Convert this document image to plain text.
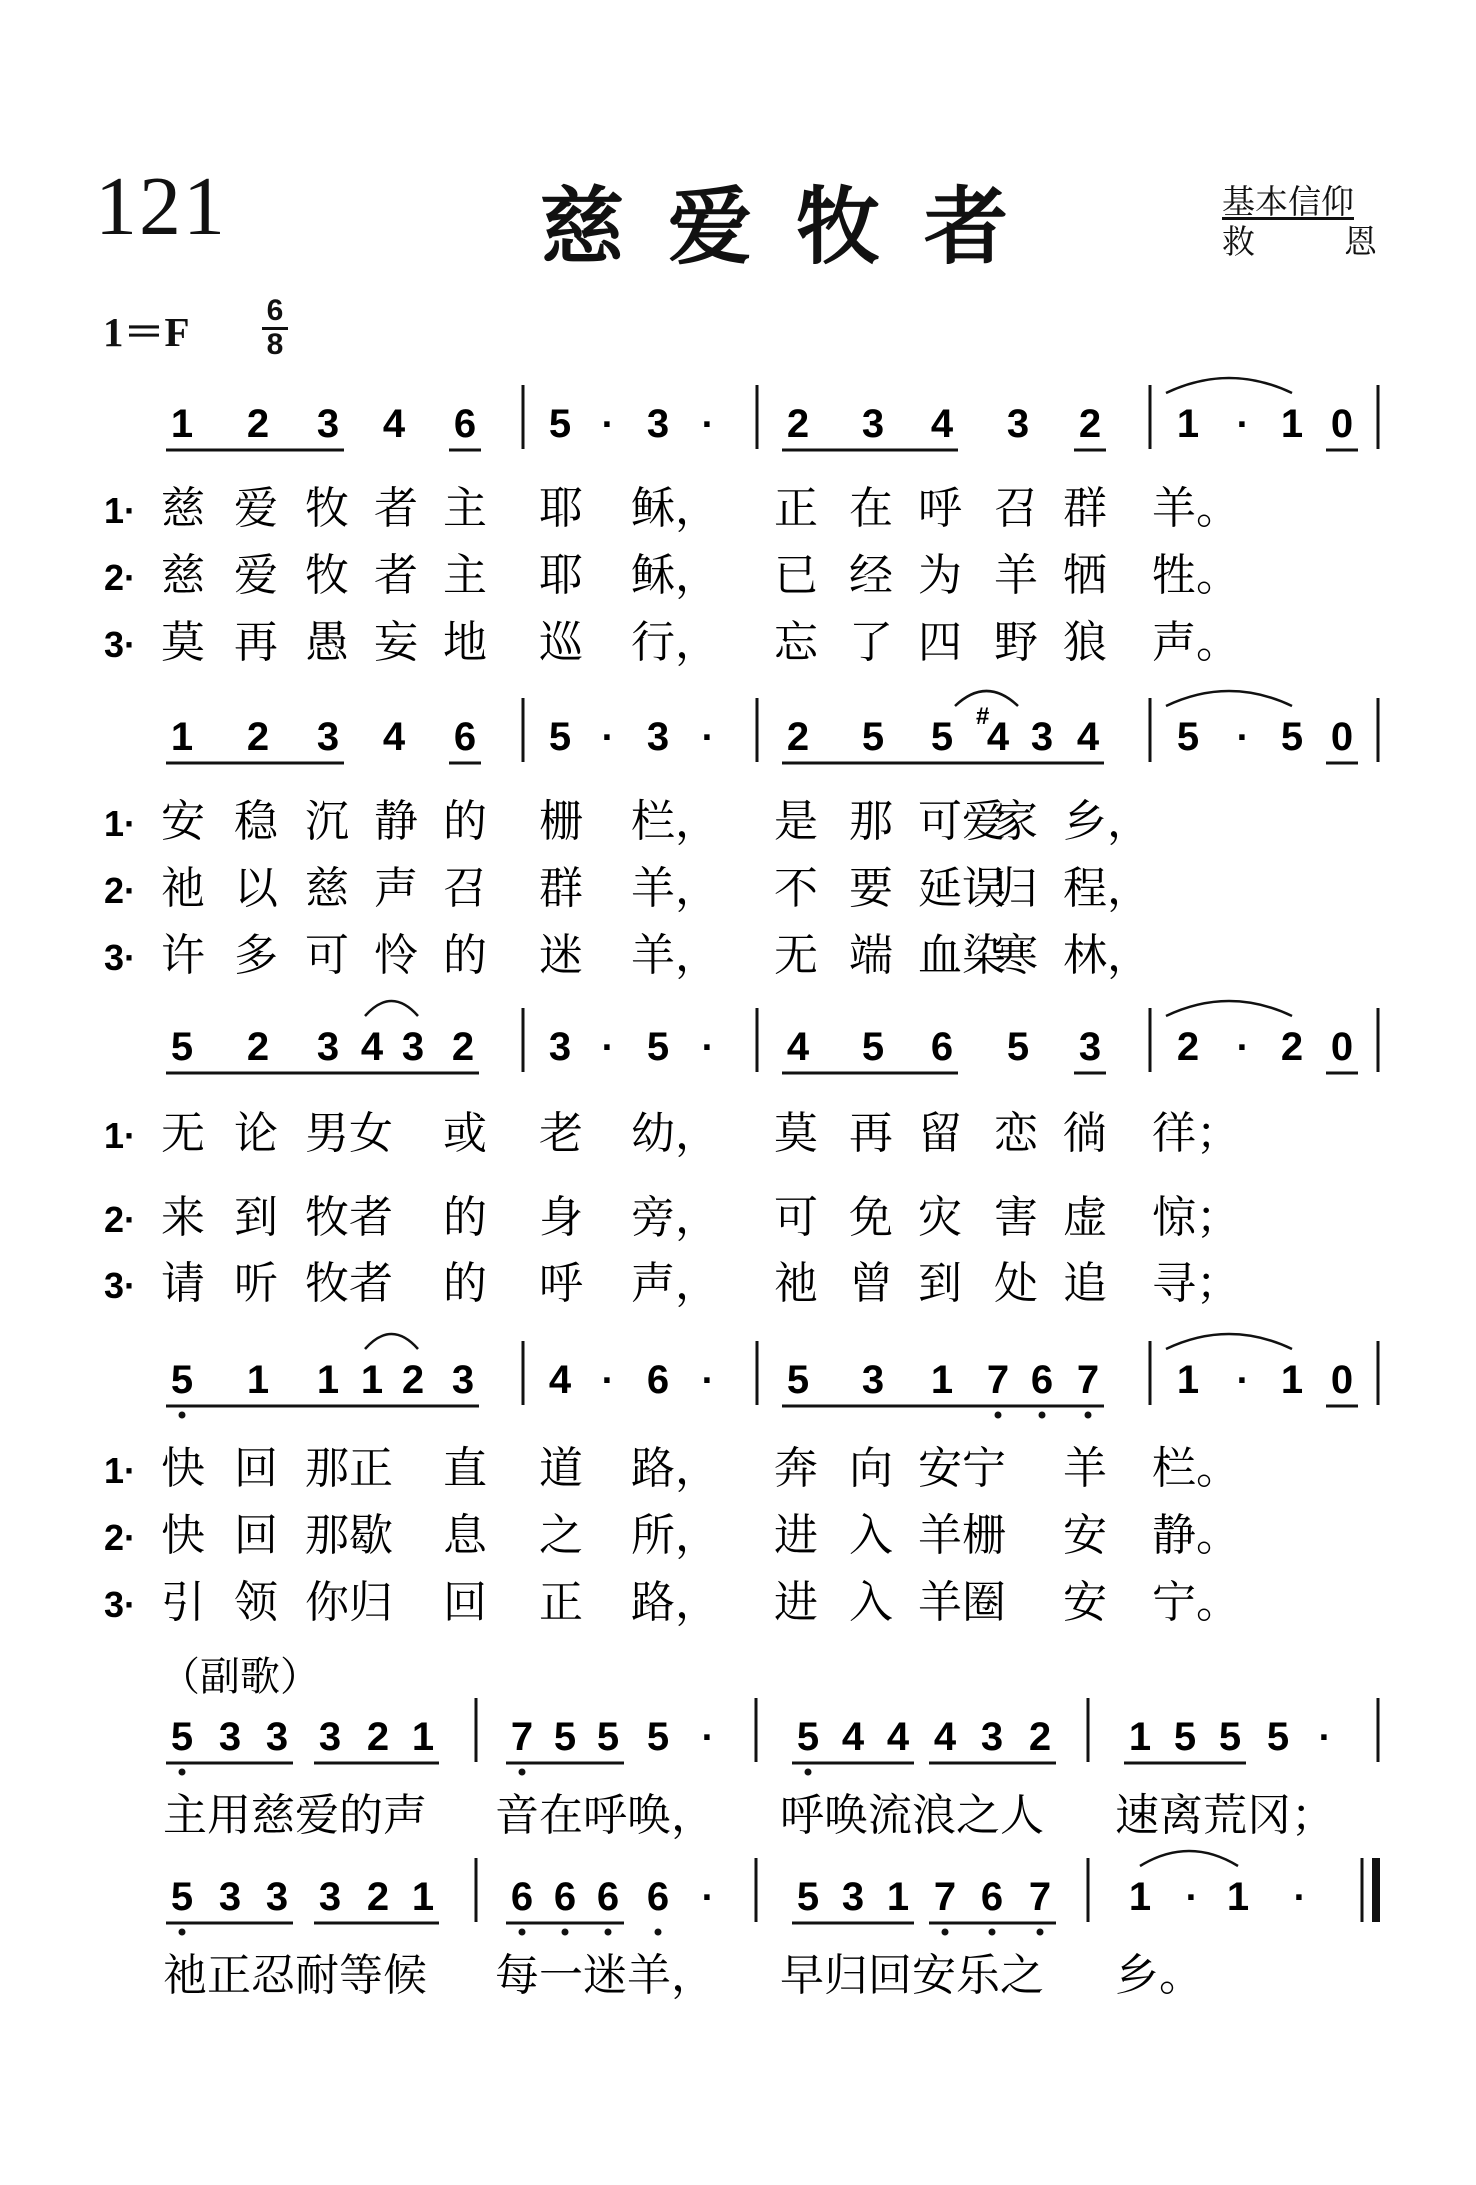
121	慈爱牧者	基本信仰
救	恩
$1=F \frac{6}{8}$
1 2 3 4 6 5 · 3 · 2 3 4 3 2 1 · 1 0
1· 慈 爱 牧 者 主 耶 稣， 正 在 呼 召 群 羊。
2· 慈 爱 牧 者 主 耶 稣， 已 经 为 羊 牺 牲。
3· 莫 再 愚 妄 地 巡 行， 忘 了 四 野 狼 声。
1 2 3 4 6 5 · 3 · 2 5 5 4
# 3 4 5 · 5 0
1· 安 稳 沉 静 的 栅 栏， 是 那 可爱
家 乡，
2· 祂 以 慈 声 召 群 羊， 不 要 延误
归 程，
3· 许 多 可 怜 的 迷 羊， 无 端 血染
寒 林，
5 2 3 4 3 2 3 · 5 · 4 5 6 5 3 2 · 2 0
1· 无 论 男女 或 老 幼， 莫 再 留 恋 徜 徉；
2· 来 到 牧者 的 身 旁， 可 免 灾 害 虚 惊；
3· 请 听 牧者 的 呼 声， 祂 曾 到 处 追 寻；
5 1 1 1 2 3 4 · 6 · 5 3 1 7 6 7 1 · 1 0
1· 快 回 那正 直 道 路， 奔 向 安宁 羊 栏。
2· 快 回 那歇 息 之 所， 进 入 羊栅 安 静。
3· 引 领 你归 回 正 路， 进 入 羊圈 安 宁。
（副歌）
5 3 3 3 2 1 7 5 5 5 · 5 4 4 4 3 2 1 5 5 5 ·
主用慈爱的声 音在呼唤， 呼唤流浪之人 速离荒冈；
5 3 3 3 2 1 6 6 6 6 · 5 3 1 7 6 7 1 · 1 ·
祂正忍耐等候 每一迷羊， 早归回安乐之 乡。
